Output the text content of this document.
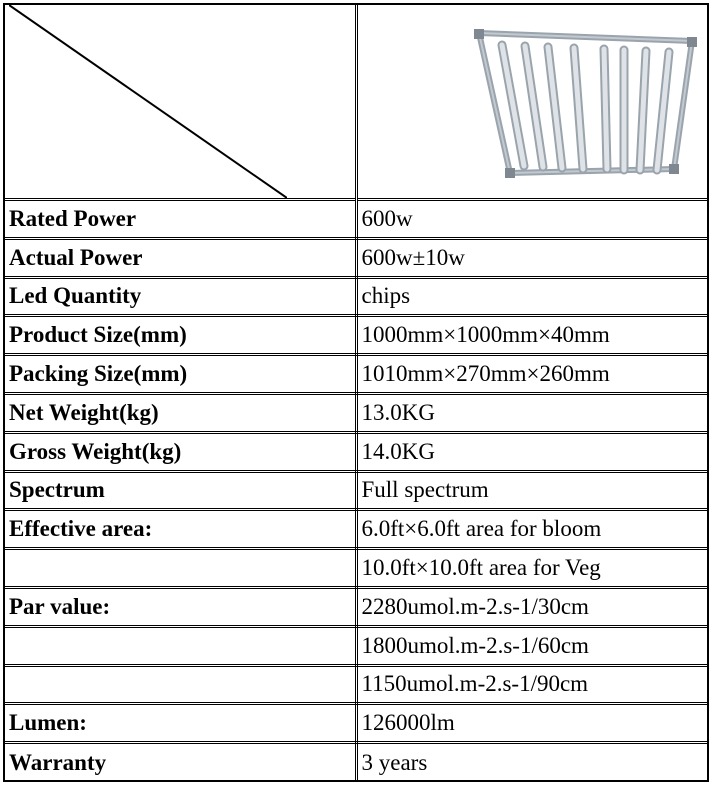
Rated Power	600w
Actual Power	600w±10w
Led Quantity	chips
Product Size(mm)	1000mm×1000mm×40mm
Packing Size(mm)	1010mm×270mm×260mm
Net Weight(kg)	13.0KG
Gross Weight(kg)	14.0KG
Spectrum	Full spectrum
Effective area:	6.0ft×6.0ft area for bloom
	10.0ft×10.0ft area for Veg
Par value:	2280umol.m-2.s-1/30cm
	1800umol.m-2.s-1/60cm
	1150umol.m-2.s-1/90cm
Lumen:	126000lm
Warranty	3 years
